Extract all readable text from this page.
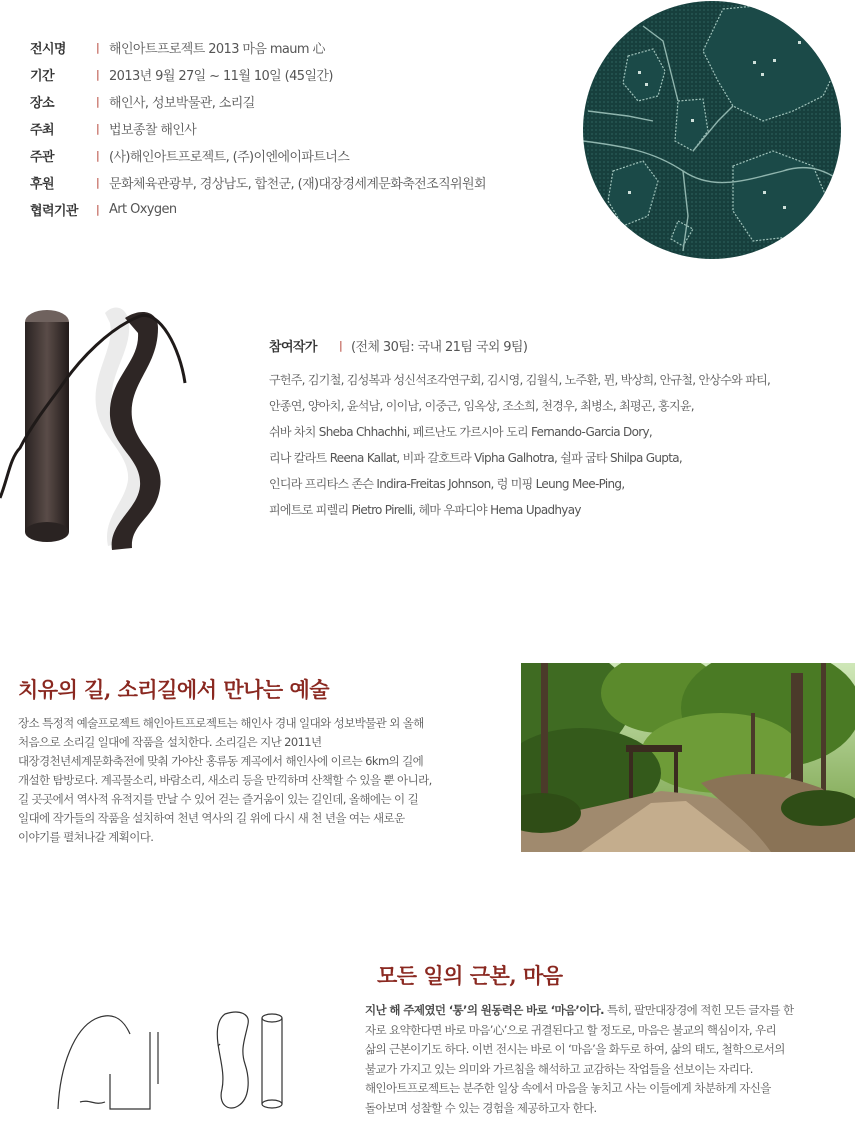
전시명	| 해인아트프로젝트 2013 마음 maum 心
기간	| 2013년 9월 27일 ~ 11월 10일 (45일간)
장소	| 해인사, 성보박물관, 소리길
주최	| 법보종찰 해인사
주관	| (사)해인아트프로젝트, (주)이엔에이파트너스
후원	| 문화체육관광부, 경상남도, 합천군, (재)대장경세계문화축전조직위원회
협력기관	| Art Oxygen
참여작가	| (전체 30팀: 국내 21팀 국외 9팀)
구헌주, 김기철, 김성복과 성신석조각연구회, 김시영, 김월식, 노주환, 뮌, 박상희, 안규철, 안상수와 파티,
안종연, 양아치, 윤석남, 이이남, 이중근, 임옥상, 조소희, 천경우, 최병소, 최평곤, 홍지윤,
쉬바 차치 Sheba Chhachhi, 페르난도 가르시아 도리 Fernando-Garcia Dory,
리나 칼라트 Reena Kallat, 비파 갈호트라 Vipha Galhotra, 쉴파 굽타 Shilpa Gupta,
인디라 프리타스 존슨 Indira-Freitas Johnson, 렁 미핑 Leung Mee-Ping,
피에트로 피렐리 Pietro Pirelli, 헤마 우파디야 Hema Upadhyay
치유의 길, 소리길에서 만나는 예술

장소 특정적 예술프로젝트 해인아트프로젝트는 해인사 경내 일대와 성보박물관 외 올해

처음으로 소리길 일대에 작품을 설치한다. 소리길은 지난 2011년

대장경천년세계문화축전에 맞춰 가야산 홍류동 계곡에서 해인사에 이르는 6km의 길에

개설한 탐방로다. 계곡물소리, 바람소리, 새소리 등을 만끽하며 산책할 수 있을 뿐 아니라,

길 곳곳에서 역사적 유적지를 만날 수 있어 걷는 즐거움이 있는 길인데, 올해에는 이 길

일대에 작가들의 작품을 설치하여 천년 역사의 길 위에 다시 새 천 년을 여는 새로운

이야기를 펼쳐나갈 계획이다.

모든 일의 근본, 마음

지난 해 주제였던 ‘통’의 원동력은 바로 ‘마음’이다. 특히, 팔만대장경에 적힌 모든 글자를 한

자로 요약한다면 바로 마음’心’으로 귀결된다고 할 정도로, 마음은 불교의 핵심이자, 우리

삶의 근본이기도 하다. 이번 전시는 바로 이 ‘마음’을 화두로 하여, 삶의 태도, 철학으로서의

불교가 가지고 있는 의미와 가르침을 해석하고 교감하는 작업들을 선보이는 자리다.

해인아트프로젝트는 분주한 일상 속에서 마음을 놓치고 사는 이들에게 차분하게 자신을

돌아보며 성찰할 수 있는 경험을 제공하고자 한다.
